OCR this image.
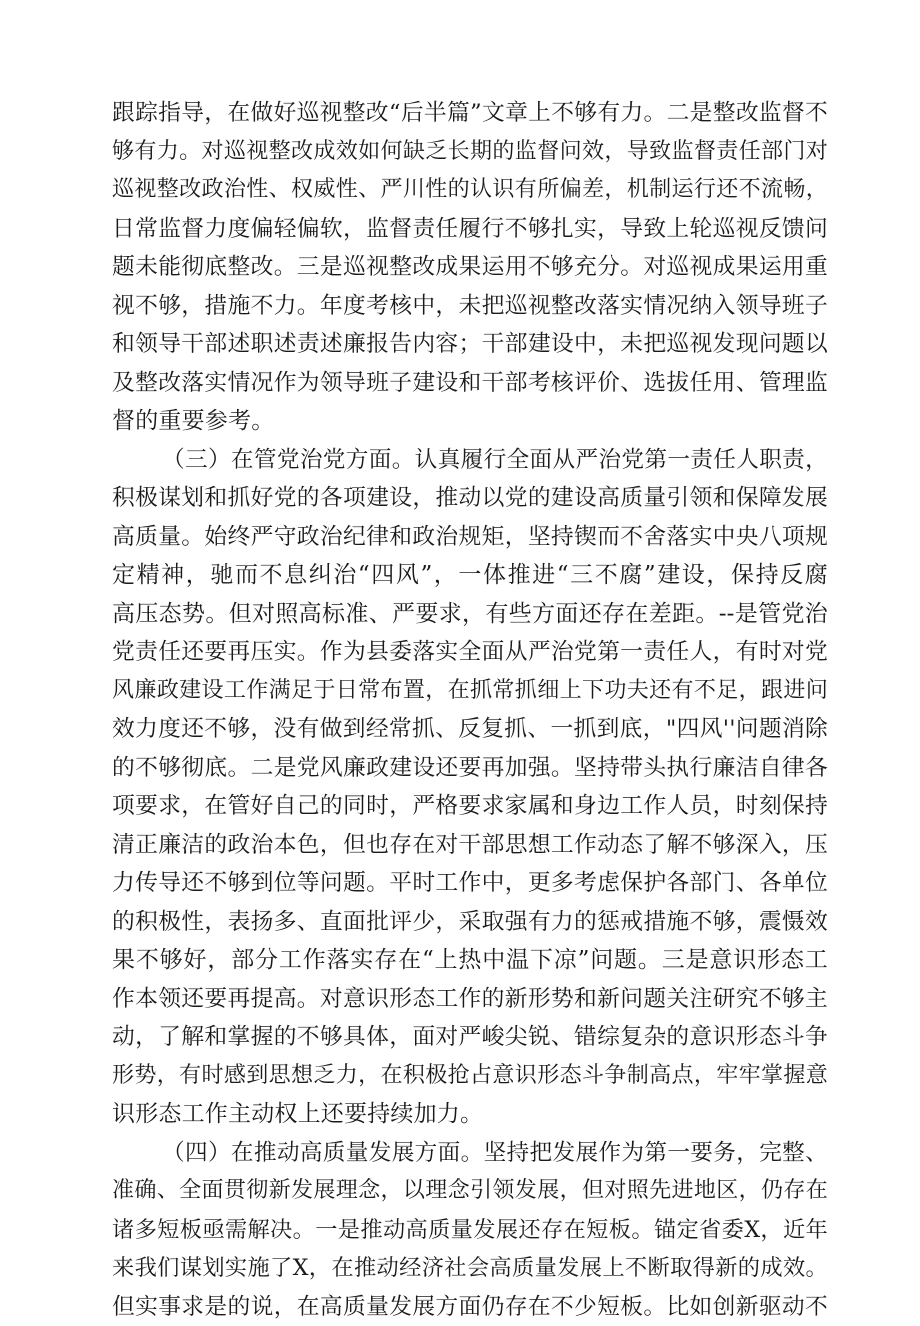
跟踪指导，在做好巡视整改“后半篇”文章上不够有力。二是整改监督不
够有力。对巡视整改成效如何缺乏长期的监督问效，导致监督责任部门对
巡视整改政治性、权威性、严川性的认识有所偏差，机制运行还不流畅，
日常监督力度偏轻偏软，监督责任履行不够扎实，导致上轮巡视反馈问
题未能彻底整改。三是巡视整改成果运用不够充分。对巡视成果运用重
视不够，措施不力。年度考核中，未把巡视整改落实情况纳入领导班子
和领导干部述职述责述廉报告内容；干部建设中，未把巡视发现问题以
及整改落实情况作为领导班子建设和干部考核评价、选拔任用、管理监
督的重要参考。
（三）在管党治党方面。认真履行全面从严治党第一责任人职责，
积极谋划和抓好党的各项建设，推动以党的建设高质量引领和保障发展
高质量。始终严守政治纪律和政治规矩，坚持锲而不舍落实中央八项规
定精神，驰而不息纠治“四风”，一体推进“三不腐”建设，保持反腐
高压态势。但对照高标准、严要求，有些方面还存在差距。--是管党治
党责任还要再压实。作为县委落实全面从严治党第一责任人，有时对党
风廉政建设工作满足于日常布置，在抓常抓细上下功夫还有不足，跟进问
效力度还不够，没有做到经常抓、反复抓、一抓到底，"四风''问题消除
的不够彻底。二是党风廉政建设还要再加强。坚持带头执行廉洁自律各
项要求，在管好自己的同时，严格要求家属和身边工作人员，时刻保持
清正廉洁的政治本色，但也存在对干部思想工作动态了解不够深入，压
力传导还不够到位等问题。平时工作中，更多考虑保护各部门、各单位
的积极性，表扬多、直面批评少，采取强有力的惩戒措施不够，震慑效
果不够好，部分工作落实存在“上热中温下凉”问题。三是意识形态工
作本领还要再提高。对意识形态工作的新形势和新问题关注研究不够主
动，了解和掌握的不够具体，面对严峻尖锐、错综复杂的意识形态斗争
形势，有时感到思想乏力，在积极抢占意识形态斗争制高点，牢牢掌握意
识形态工作主动权上还要持续加力。
（四）在推动高质量发展方面。坚持把发展作为第一要务，完整、
准确、全面贯彻新发展理念，以理念引领发展，但对照先进地区，仍存在
诸多短板亟需解决。一是推动高质量发展还存在短板。锚定省委X，近年
来我们谋划实施了X，在推动经济社会高质量发展上不断取得新的成效。
但实事求是的说，在高质量发展方面仍存在不少短板。比如创新驱动不
